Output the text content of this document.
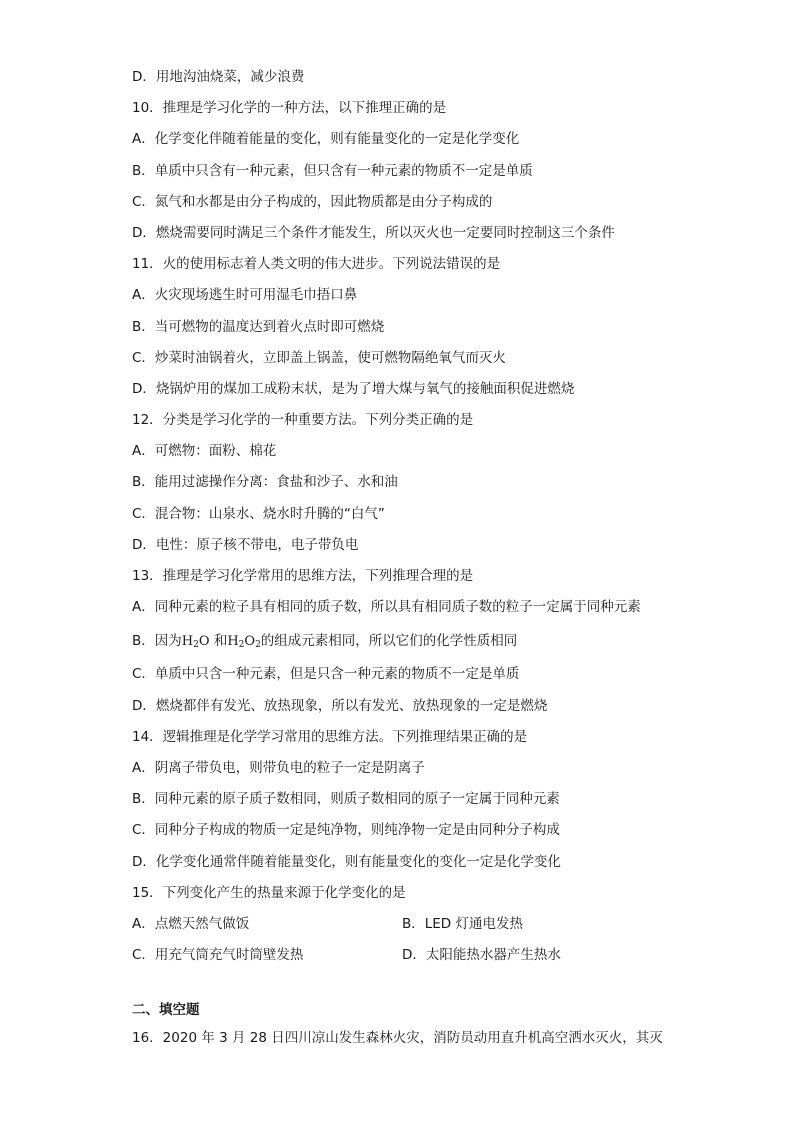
D．用地沟油烧菜，减少浪费
10．推理是学习化学的一种方法，以下推理正确的是
A．化学变化伴随着能量的变化，则有能量变化的一定是化学变化
B．单质中只含有一种元素，但只含有一种元素的物质不一定是单质
C．氮气和水都是由分子构成的，因此物质都是由分子构成的
D．燃烧需要同时满足三个条件才能发生，所以灭火也一定要同时控制这三个条件
11．火的使用标志着人类文明的伟大进步。下列说法错误的是
A．火灾现场逃生时可用湿毛巾捂口鼻
B．当可燃物的温度达到着火点时即可燃烧
C．炒菜时油锅着火，立即盖上锅盖，使可燃物隔绝氧气而灭火
D．烧锅炉用的煤加工成粉末状，是为了增大煤与氧气的接触面积促进燃烧
12．分类是学习化学的一种重要方法。下列分类正确的是
A．可燃物：面粉、棉花
B．能用过滤操作分离：食盐和沙子、水和油
C．混合物：山泉水、烧水时升腾的“白气”
D．电性：原子核不带电，电子带负电
13．推理是学习化学常用的思维方法，下列推理合理的是
A．同种元素的粒子具有相同的质子数，所以具有相同质子数的粒子一定属于同种元素
B．因为$H_2O$ 和$H_2O_2$的组成元素相同，所以它们的化学性质相同
C．单质中只含一种元素，但是只含一种元素的物质不一定是单质
D．燃烧都伴有发光、放热现象，所以有发光、放热现象的一定是燃烧
14．逻辑推理是化学学习常用的思维方法。下列推理结果正确的是
A．阴离子带负电，则带负电的粒子一定是阴离子
B．同种元素的原子质子数相同，则质子数相同的原子一定属于同种元素
C．同种分子构成的物质一定是纯净物，则纯净物一定是由同种分子构成
D．化学变化通常伴随着能量变化，则有能量变化的变化一定是化学变化
15．下列变化产生的热量来源于化学变化的是
A．点燃天然气做饭	B．LED 灯通电发热
C．用充气筒充气时筒壁发热	D．太阳能热水器产生热水
二、填空题
16．2020 年 3 月 28 日四川凉山发生森林火灾，消防员动用直升机高空洒水灭火，其灭
